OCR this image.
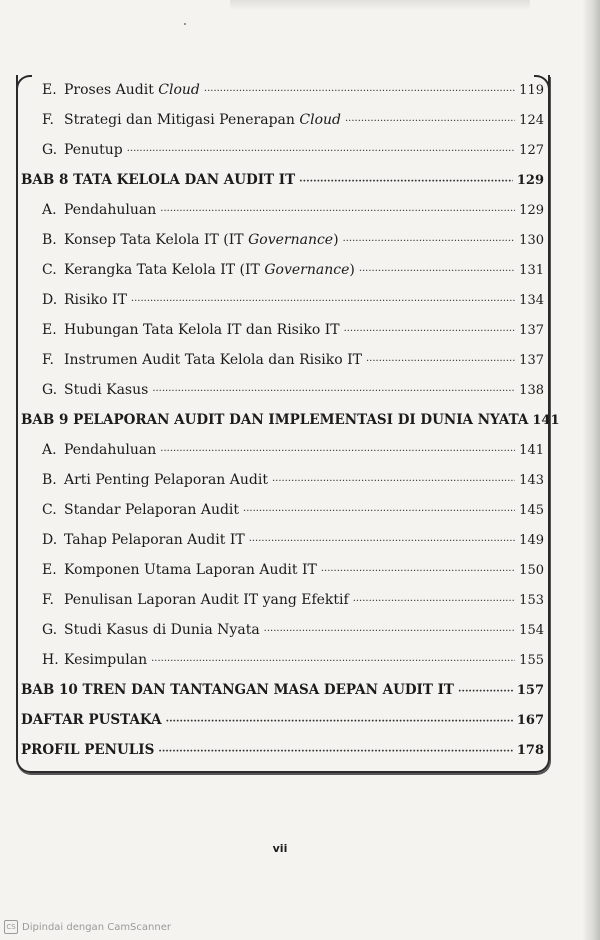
E. Proses Audit Cloud ·····	119
F. Strategi dan Mitigasi Penerapan Cloud ·····	124
G. Penutup ·····	127
BAB 8 TATA KELOLA DAN AUDIT IT ·····	129
A. Pendahuluan ·····	129
B. Konsep Tata Kelola IT (IT Governance) ·····	130
C. Kerangka Tata Kelola IT (IT Governance) ·····	131
D. Risiko IT ·····	134
E. Hubungan Tata Kelola IT dan Risiko IT ·····	137
F. Instrumen Audit Tata Kelola dan Risiko IT ·····	137
G. Studi Kasus ·····	138
BAB 9 PELAPORAN AUDIT DAN IMPLEMENTASI DI DUNIA NYATA 141
A. Pendahuluan ·····	141
B. Arti Penting Pelaporan Audit ·····	143
C. Standar Pelaporan Audit ·····	145
D. Tahap Pelaporan Audit IT ·····	149
E. Komponen Utama Laporan Audit IT ·····	150
F. Penulisan Laporan Audit IT yang Efektif ·····	153
G. Studi Kasus di Dunia Nyata ·····	154
H. Kesimpulan ·····	155
BAB 10 TREN DAN TANTANGAN MASA DEPAN AUDIT IT ·····	157
DAFTAR PUSTAKA ·····	167
PROFIL PENULIS ·····	178
vii
CS Dipindai dengan CamScanner
